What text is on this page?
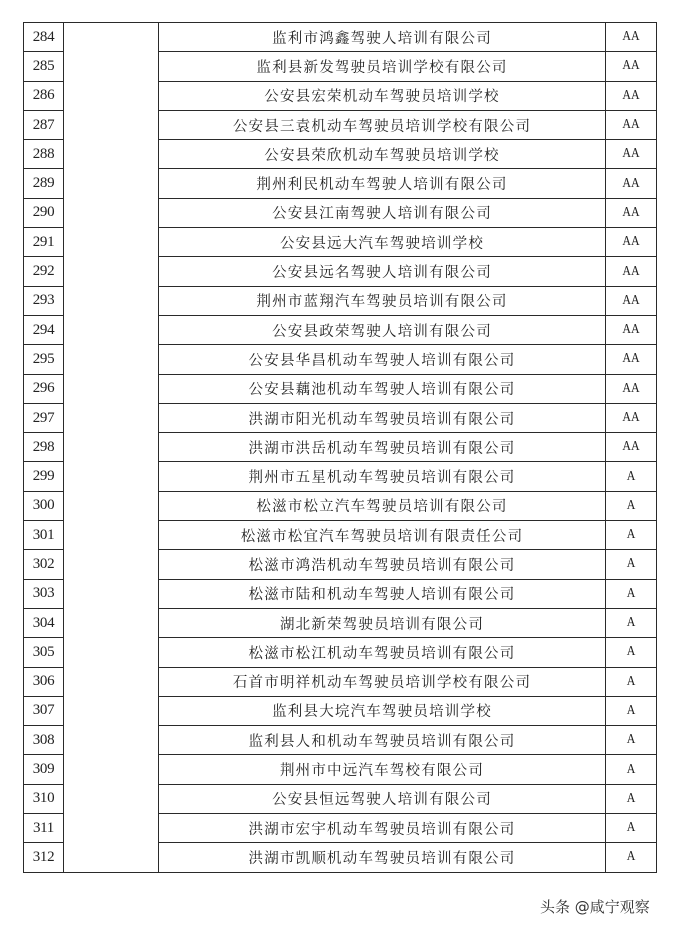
284		监利市鸿鑫驾驶人培训有限公司	AA

285		监利县新发驾驶员培训学校有限公司	AA

286		公安县宏荣机动车驾驶员培训学校	AA

287		公安县三袁机动车驾驶员培训学校有限公司	AA

288		公安县荣欣机动车驾驶员培训学校	AA

289		荆州利民机动车驾驶人培训有限公司	AA

290		公安县江南驾驶人培训有限公司	AA

291		公安县远大汽车驾驶培训学校	AA

292		公安县远名驾驶人培训有限公司	AA

293		荆州市蓝翔汽车驾驶员培训有限公司	AA

294		公安县政荣驾驶人培训有限公司	AA

295		公安县华昌机动车驾驶人培训有限公司	AA

296		公安县藕池机动车驾驶人培训有限公司	AA

297		洪湖市阳光机动车驾驶员培训有限公司	AA

298		洪湖市洪岳机动车驾驶员培训有限公司	AA

299		荆州市五星机动车驾驶员培训有限公司	A

300		松滋市松立汽车驾驶员培训有限公司	A

301		松滋市松宜汽车驾驶员培训有限责任公司	A

302		松滋市鸿浩机动车驾驶员培训有限公司	A

303		松滋市陆和机动车驾驶人培训有限公司	A

304		湖北新荣驾驶员培训有限公司	A

305		松滋市松江机动车驾驶员培训有限公司	A

306		石首市明祥机动车驾驶员培训学校有限公司	A

307		监利县大垸汽车驾驶员培训学校	A

308		监利县人和机动车驾驶员培训有限公司	A

309		荆州市中远汽车驾校有限公司	A

310		公安县恒远驾驶人培训有限公司	A

311		洪湖市宏宇机动车驾驶员培训有限公司	A

312		洪湖市凯顺机动车驾驶员培训有限公司	A
头条 @咸宁观察
